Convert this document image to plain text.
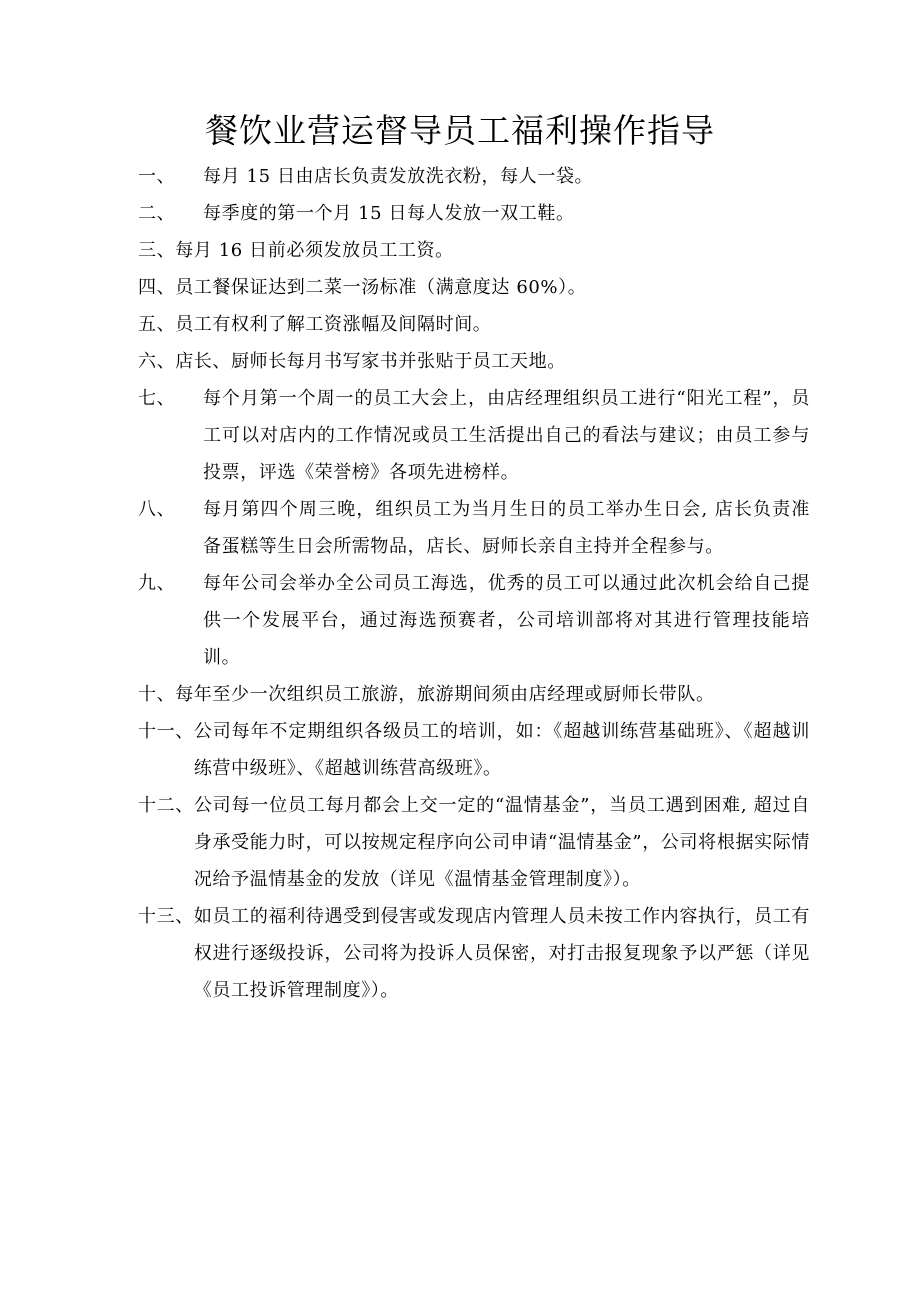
餐饮业营运督导员工福利操作指导
一、	每月 15 日由店长负责发放洗衣粉，每人一袋。
二、	每季度的第一个月 15 日每人发放一双工鞋。
三、 每月 16 日前必须发放员工工资。
四、 员工餐保证达到二菜一汤标准（满意度达 60%）。
五、 员工有权利了解工资涨幅及间隔时间。
六、 店长、厨师长每月书写家书并张贴于员工天地。
七、	每个月第一个周一的员工大会上，由店经理组织员工进行“阳光工程”，员工可以对店内的工作情况或员工生活提出自己的看法与建议；由员工参与投票，评选《荣誉榜》各项先进榜样。
八、	每月第四个周三晚，组织员工为当月生日的员工举办生日会, 店长负责准备蛋糕等生日会所需物品，店长、厨师长亲自主持并全程参与。
九、	每年公司会举办全公司员工海选，优秀的员工可以通过此次机会给自己提供一个发展平台，通过海选预赛者，公司培训部将对其进行管理技能培训。
十、 每年至少一次组织员工旅游，旅游期间须由店经理或厨师长带队。
十一、 公司每年不定期组织各级员工的培训，如：《超越训练营基础班》、《超越训练营中级班》、《超越训练营高级班》。
十二、 公司每一位员工每月都会上交一定的“温情基金”，当员工遇到困难, 超过自身承受能力时，可以按规定程序向公司申请“温情基金”，公司将根据实际情况给予温情基金的发放（详见《温情基金管理制度》）。
十三、 如员工的福利待遇受到侵害或发现店内管理人员未按工作内容执行，员工有权进行逐级投诉，公司将为投诉人员保密，对打击报复现象予以严惩（详见《员工投诉管理制度》）。
